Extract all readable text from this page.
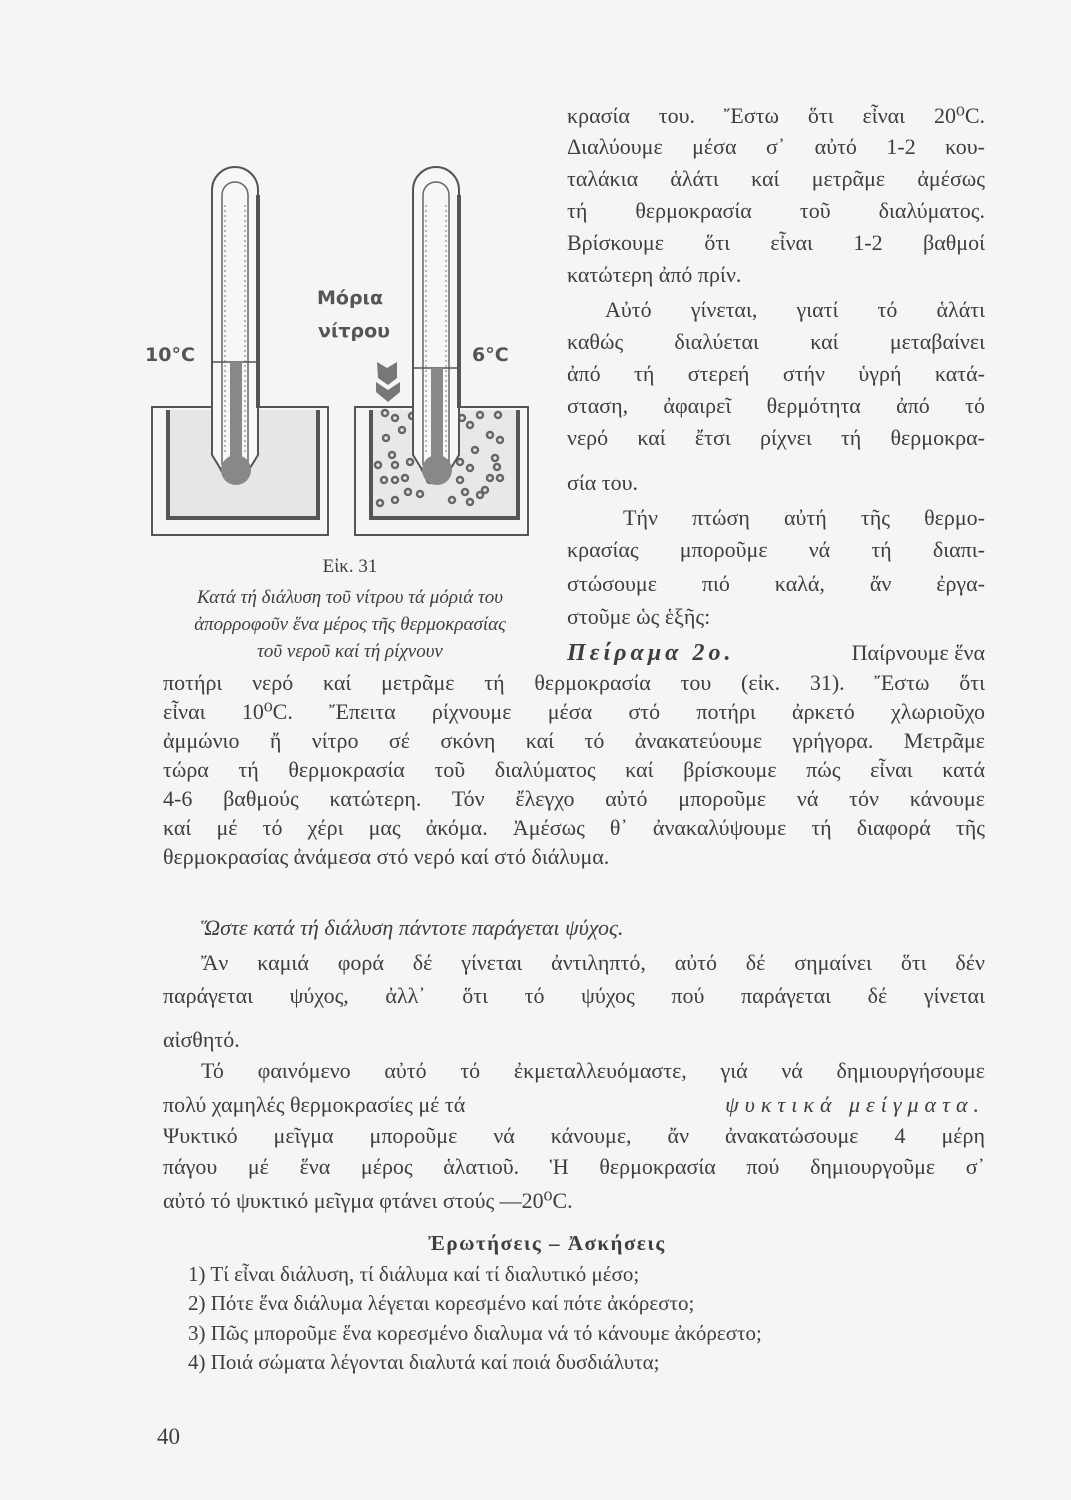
10°C
Μόρια
νίτρου
6°C
Εἰκ. 31
Κατά τή διάλυση τοῦ νίτρου τά μόριά του
ἀπορροφοῦν ἕνα μέρος τῆς θερμοκρασίας
τοῦ νεροῦ καί τή ρίχνουν
κρασία του. Ἔστω ὅτι εἶναι 20⁰C.
Διαλύουμε μέσα σ᾽ αὐτό 1-2 κου-
ταλάκια ἁλάτι καί μετρᾶμε ἀμέσως
τή θερμοκρασία τοῦ διαλύματος.
Βρίσκουμε ὅτι εἶναι 1-2 βαθμοί
κατώτερη ἀπό πρίν.
Αὐτό γίνεται, γιατί τό ἁλάτι
καθώς διαλύεται καί μεταβαίνει
ἀπό τή στερεή στήν ὑγρή κατά-
σταση, ἀφαιρεῖ θερμότητα ἀπό τό
νερό καί ἔτσι ρίχνει τή θερμοκρα-
σία του.
Τήν πτώση αὐτή τῆς θερμο-
κρασίας μποροῦμε νά τή διαπι-
στώσουμε πιό καλά, ἄν ἐργα-
στοῦμε ὡς ἑξῆς:
Πείραμα 2ο.	Παίρνουμε ἕνα
ποτήρι νερό καί μετρᾶμε τή θερμοκρασία του (εἰκ. 31). Ἔστω ὅτι
εἶναι 10⁰C. Ἔπειτα ρίχνουμε μέσα στό ποτήρι ἀρκετό χλωριοῦχο
ἀμμώνιο ἤ νίτρο σέ σκόνη καί τό ἀνακατεύουμε γρήγορα. Μετρᾶμε
τώρα τή θερμοκρασία τοῦ διαλύματος καί βρίσκουμε πώς εἶναι κατά
4-6 βαθμούς κατώτερη. Τόν ἔλεγχο αὐτό μποροῦμε νά τόν κάνουμε
καί μέ τό χέρι μας ἀκόμα. Ἀμέσως θ᾽ ἀνακαλύψουμε τή διαφορά τῆς
θερμοκρασίας ἀνάμεσα στό νερό καί στό διάλυμα.
Ὥστε κατά τή διάλυση πάντοτε παράγεται ψύχος.
Ἄν καμιά φορά δέ γίνεται ἀντιληπτό, αὐτό δέ σημαίνει ὅτι δέν
παράγεται ψύχος, ἀλλ᾽ ὅτι τό ψύχος πού παράγεται δέ γίνεται
αἰσθητό.
Τό φαινόμενο αὐτό τό ἐκμεταλλευόμαστε, γιά νά δημιουργήσουμε
πολύ χαμηλές θερμοκρασίες μέ τά	ψυκτικά μείγματα.
Ψυκτικό μεῖγμα μποροῦμε νά κάνουμε, ἄν ἀνακατώσουμε 4 μέρη
πάγου μέ ἕνα μέρος ἁλατιοῦ. Ἡ θερμοκρασία πού δημιουργοῦμε σ᾽
αὐτό τό ψυκτικό μεῖγμα φτάνει στούς —20⁰C.
Ἐρωτήσεις – Ἀσκήσεις
1) Τί εἶναι διάλυση, τί διάλυμα καί τί διαλυτικό μέσο;
2) Πότε ἕνα διάλυμα λέγεται κορεσμένο καί πότε ἀκόρεστο;
3) Πῶς μποροῦμε ἕνα κορεσμένο διαλυμα νά τό κάνουμε ἀκόρεστο;
4) Ποιά σώματα λέγονται διαλυτά καί ποιά δυσδιάλυτα;
40
